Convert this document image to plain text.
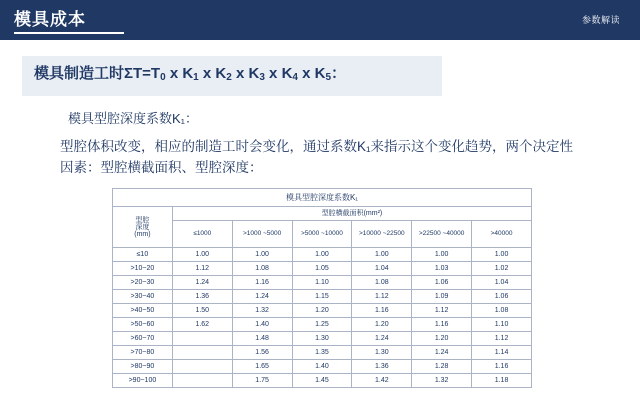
模具成本	参数解读
模具制造工时$\Sigma T=T_0$ x $K_1$ x $K_2$ x $K_3$ x $K_4$ x $K_5$：
模具型腔深度系数K₁：
型腔体积改变，相应的制造工时会变化，通过系数K₁来指示这个变化趋势，两个决定性因素：型腔横截面积、型腔深度：
模具型腔深度系数K₁						
型腔
深度
(mm)	型腔横截面积(mm²)					
	≤1000	>1000 ~5000	>5000 ~10000	>10000 ~22500	>22500 ~40000	>40000
≤10	1.00	1.00	1.00	1.00	1.00	1.00
>10~20	1.12	1.08	1.05	1.04	1.03	1.02
>20~30	1.24	1.16	1.10	1.08	1.06	1.04
>30~40	1.36	1.24	1.15	1.12	1.09	1.06
>40~50	1.50	1.32	1.20	1.16	1.12	1.08
>50~60	1.62	1.40	1.25	1.20	1.16	1.10
>60~70		1.48	1.30	1.24	1.20	1.12
>70~80		1.56	1.35	1.30	1.24	1.14
>80~90		1.65	1.40	1.36	1.28	1.16
>90~100		1.75	1.45	1.42	1.32	1.18
